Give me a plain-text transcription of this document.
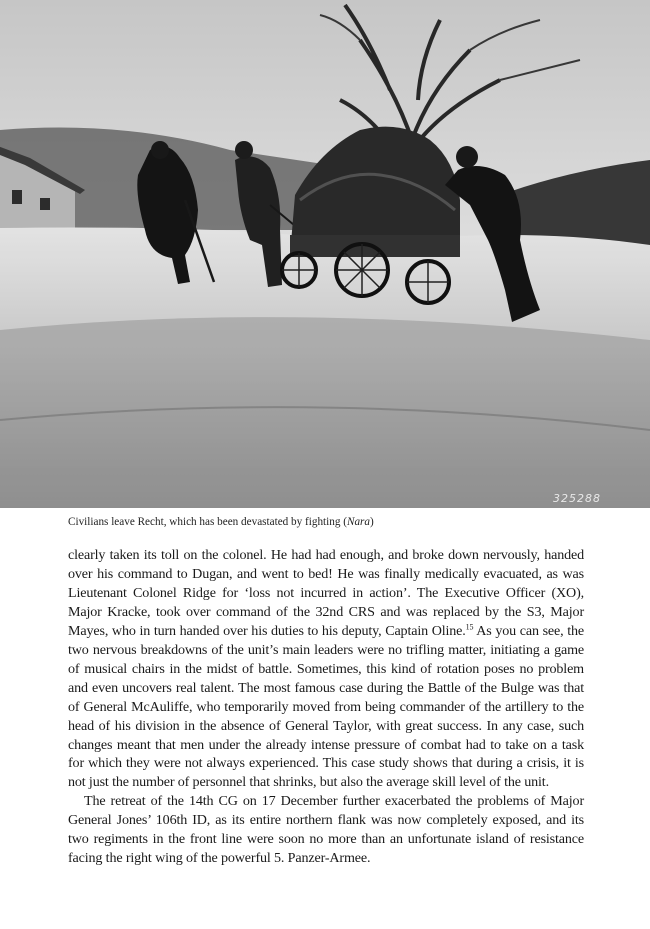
325288
Civilians leave Recht, which has been devastated by fighting (Nara)

clearly taken its toll on the colonel. He had had enough, and broke down nervously, handed over his command to Dugan, and went to bed! He was finally medically evacuated, as was Lieutenant Colonel Ridge for ‘loss not incurred in action’. The Executive Officer (XO), Major Kracke, took over command of the 32nd CRS and was replaced by the S3, Major Mayes, who in turn handed over his duties to his deputy, Captain Oline.$^{15}$ As you can see, the two nervous breakdowns of the unit’s main leaders were no trifling matter, initiating a game of musical chairs in the midst of battle. Sometimes, this kind of rotation poses no problem and even uncovers real talent. The most famous case during the Battle of the Bulge was that of General McAuliffe, who temporarily moved from being commander of the artillery to the head of his division in the absence of General Taylor, with great success. In any case, such changes meant that men under the already intense pressure of combat had to take on a task for which they were not always experienced. This case study shows that during a crisis, it is not just the number of personnel that shrinks, but also the average skill level of the unit.

The retreat of the 14th CG on 17 December further exacerbated the problems of Major General Jones’ 106th ID, as its entire northern flank was now completely exposed, and its two regiments in the front line were soon no more than an unfortunate island of resistance facing the right wing of the powerful 5. Panzer-Armee.
